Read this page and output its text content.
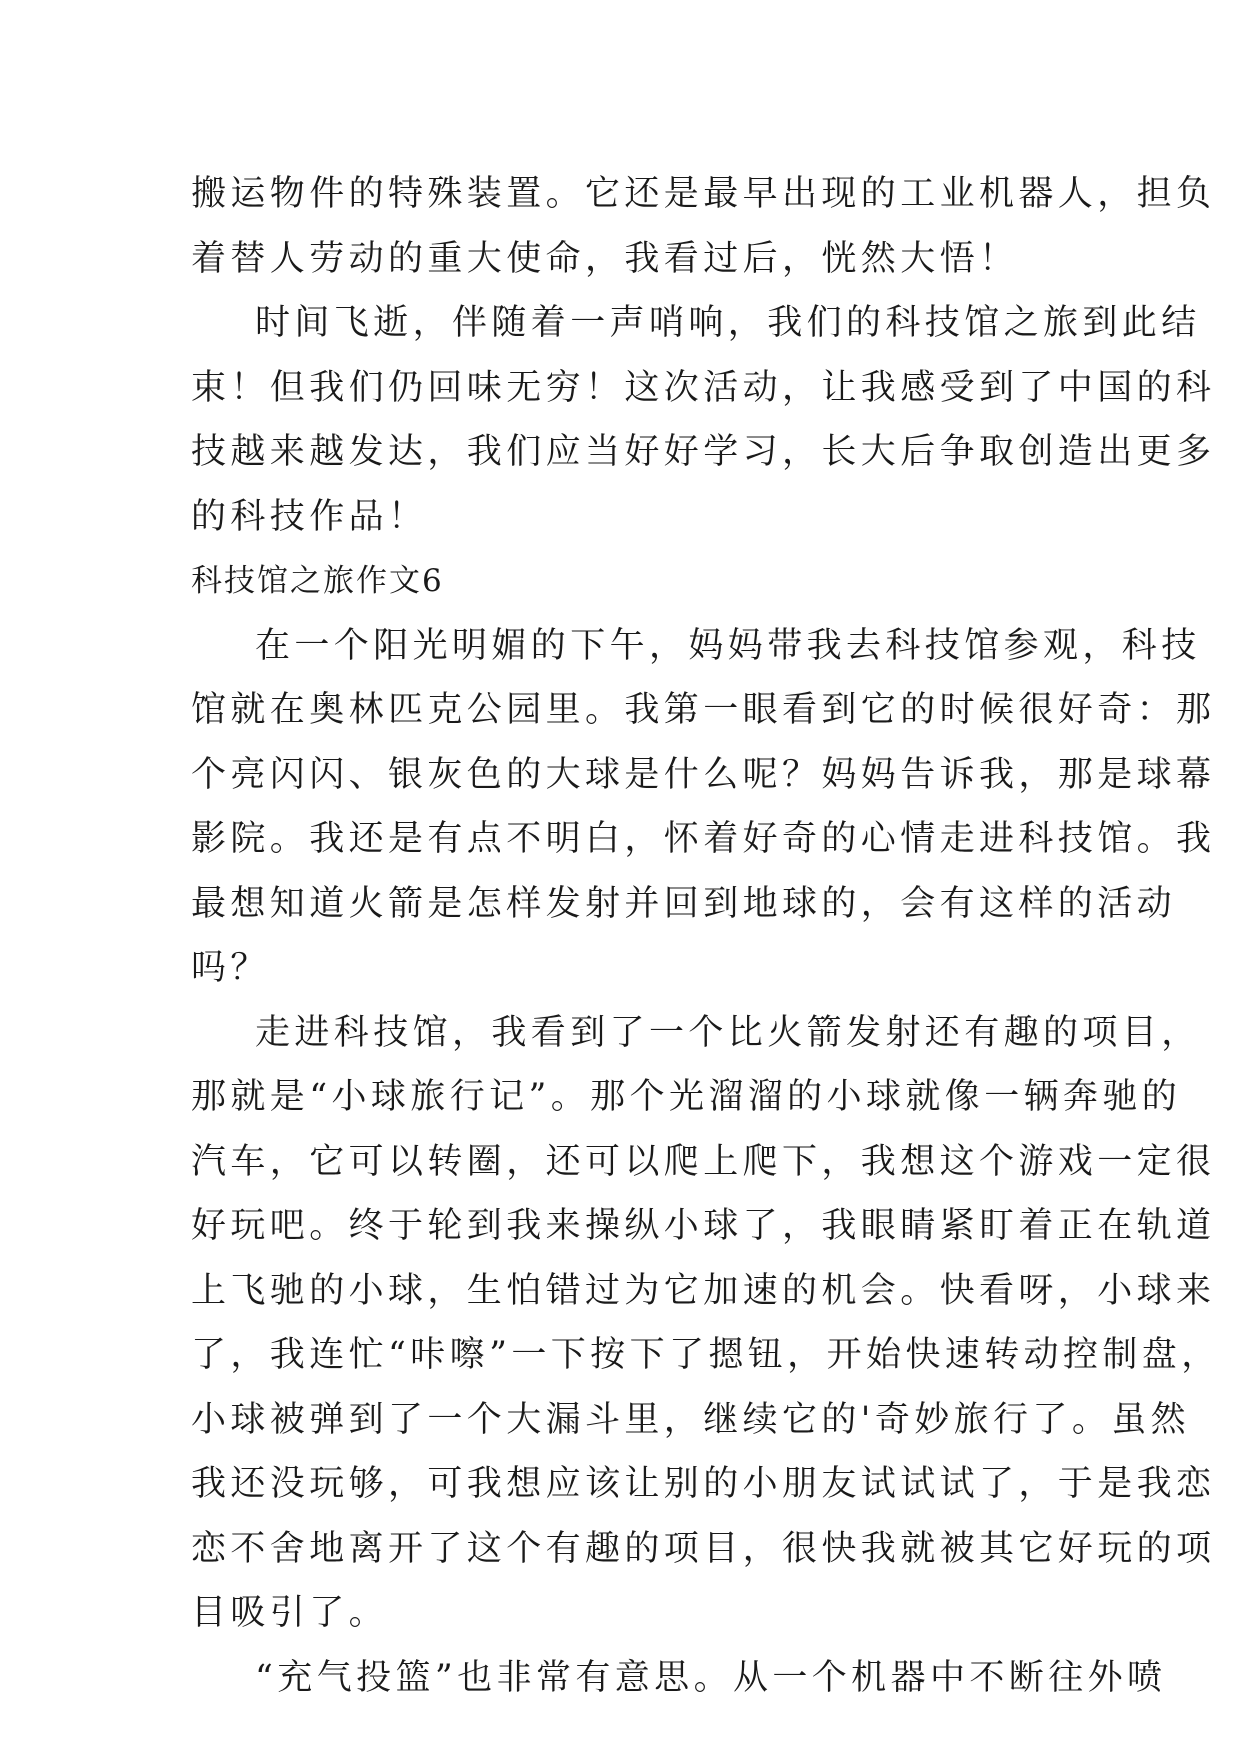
搬运物件的特殊装置。它还是最早出现的工业机器人，担负
着替人劳动的重大使命，我看过后，恍然大悟！
时间飞逝，伴随着一声哨响，我们的科技馆之旅到此结
束！但我们仍回味无穷！这次活动，让我感受到了中国的科
技越来越发达，我们应当好好学习，长大后争取创造出更多
的科技作品！
科技馆之旅作文6
在一个阳光明媚的下午，妈妈带我去科技馆参观，科技
馆就在奥林匹克公园里。我第一眼看到它的时候很好奇：那
个亮闪闪、银灰色的大球是什么呢？妈妈告诉我，那是球幕
影院。我还是有点不明白，怀着好奇的心情走进科技馆。我
最想知道火箭是怎样发射并回到地球的，会有这样的活动
吗？
走进科技馆，我看到了一个比火箭发射还有趣的项目，
那就是“小球旅行记”。那个光溜溜的小球就像一辆奔驰的
汽车，它可以转圈，还可以爬上爬下，我想这个游戏一定很
好玩吧。终于轮到我来操纵小球了，我眼睛紧盯着正在轨道
上飞驰的小球，生怕错过为它加速的机会。快看呀，小球来
了，我连忙“咔嚓”一下按下了摁钮，开始快速转动控制盘，
小球被弹到了一个大漏斗里，继续它的'奇妙旅行了。虽然
我还没玩够，可我想应该让别的小朋友试试试了，于是我恋
恋不舍地离开了这个有趣的项目，很快我就被其它好玩的项
目吸引了。
“充气投篮”也非常有意思。从一个机器中不断往外喷
